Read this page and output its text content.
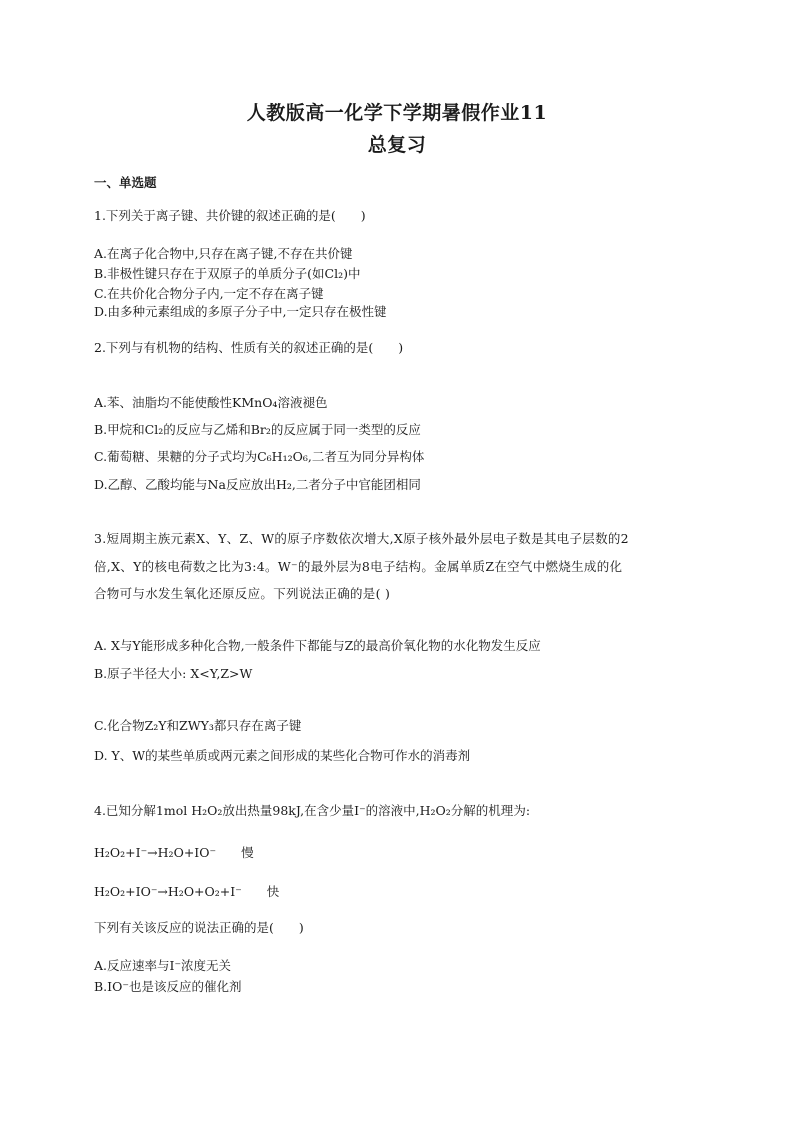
人教版高一化学下学期暑假作业11
总复习
一、单选题
1.下列关于离子键、共价键的叙述正确的是(　　)
A.在离子化合物中,只存在离子键,不存在共价键
B.非极性键只存在于双原子的单质分子(如Cl₂)中
C.在共价化合物分子内,一定不存在离子键
D.由多种元素组成的多原子分子中,一定只存在极性键
2.下列与有机物的结构、性质有关的叙述正确的是(　　)
A.苯、油脂均不能使酸性KMnO₄溶液褪色
B.甲烷和Cl₂的反应与乙烯和Br₂的反应属于同一类型的反应
C.葡萄糖、果糖的分子式均为C₆H₁₂O₆,二者互为同分异构体
D.乙醇、乙酸均能与Na反应放出H₂,二者分子中官能团相同
3.短周期主族元素X、Y、Z、W的原子序数依次增大,X原子核外最外层电子数是其电子层数的2
倍,X、Y的核电荷数之比为3:4。W⁻的最外层为8电子结构。金属单质Z在空气中燃烧生成的化
合物可与水发生氧化还原反应。下列说法正确的是( )
A. X与Y能形成多种化合物,一般条件下都能与Z的最高价氧化物的水化物发生反应
B.原子半径大小: X<Y,Z>W
C.化合物Z₂Y和ZWY₃都只存在离子键
D. Y、W的某些单质或两元素之间形成的某些化合物可作水的消毒剂
4.已知分解1mol H₂O₂放出热量98kJ,在含少量I⁻的溶液中,H₂O₂分解的机理为:
H₂O₂+I⁻→H₂O+IO⁻　　慢
H₂O₂+IO⁻→H₂O+O₂+I⁻　　快
下列有关该反应的说法正确的是(　　)
A.反应速率与I⁻浓度无关
B.IO⁻也是该反应的催化剂
